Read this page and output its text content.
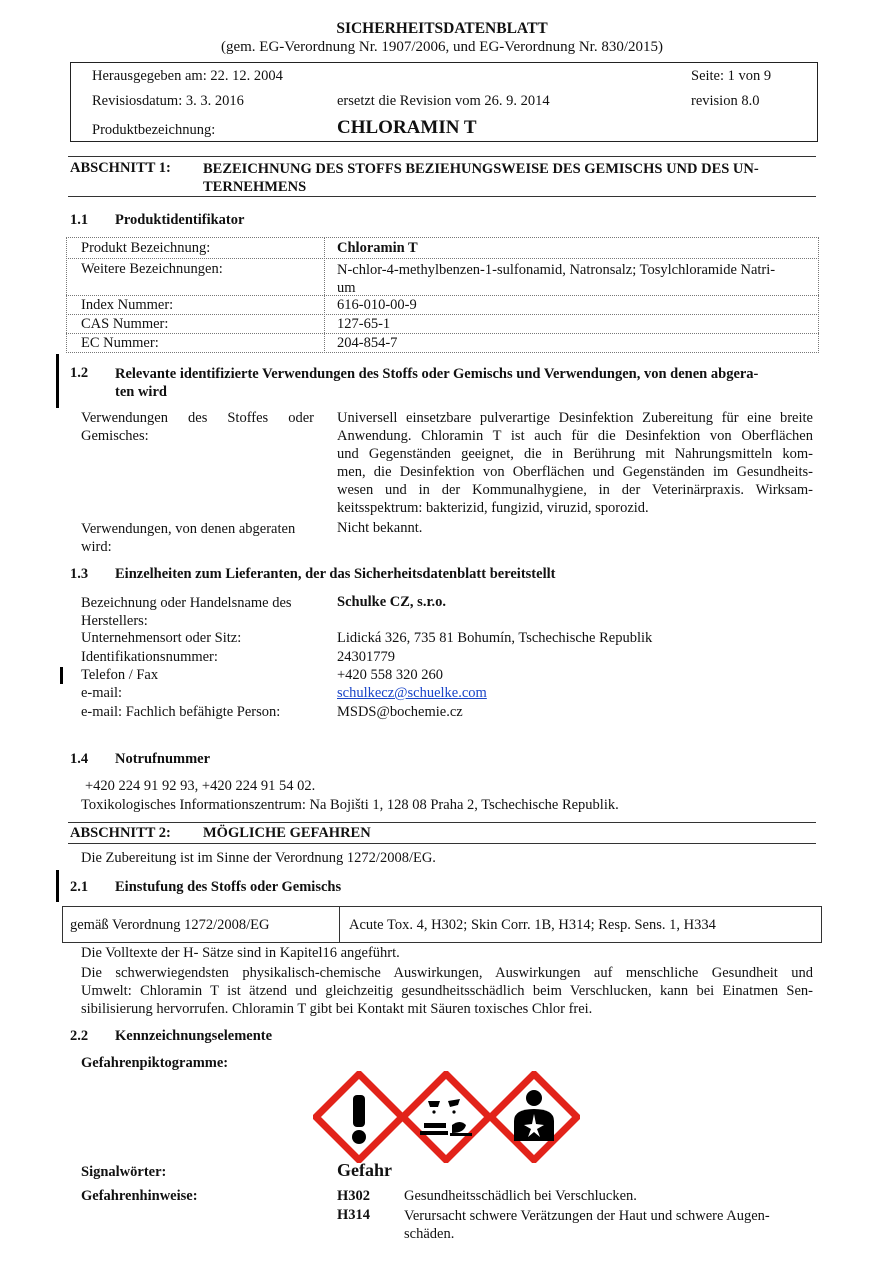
SICHERHEITSDATENBLATT
(gem. EG-Verordnung Nr. 1907/2006, und EG-Verordnung Nr. 830/2015)
Herausgegeben am: 22. 12. 2004	Seite: 1 von 9
Revisiosdatum: 3. 3. 2016	ersetzt die Revision vom 26. 9. 2014	revision 8.0
Produktbezeichnung:	CHLORAMIN T
ABSCHNITT 1: BEZEICHNUNG DES STOFFS BEZIEHUNGSWEISE DES GEMISCHS UND DES UN-
TERNEHMENS
1.1 Produktidentifikator
Produkt Bezeichnung:	Chloramin T
Weitere Bezeichnungen:	N-chlor-4-methylbenzen-1-sulfonamid, Natronsalz; Tosylchloramide Natri-
um
Index Nummer:	616-010-00-9
CAS Nummer:	127-65-1
EC Nummer:	204-854-7
1.2 Relevante identifizierte Verwendungen des Stoffs oder Gemischs und Verwendungen, von denen abgera-
ten wird
Verwendungen des Stoffes oder
Gemisches:
Universell einsetzbare pulverartige Desinfektion Zubereitung für eine breite
Anwendung. Chloramin T ist auch für die Desinfektion von Oberflächen
und Gegenständen geeignet, die in Berührung mit Nahrungsmitteln kom-
men, die Desinfektion von Oberflächen und Gegenständen im Gesundheits-
wesen und in der Kommunalhygiene, in der Veterinärpraxis. Wirksam-
keitsspektrum: bakterizid, fungizid, viruzid, sporozid.
Verwendungen, von denen abgeraten
wird:
Nicht bekannt.
1.3 Einzelheiten zum Lieferanten, der das Sicherheitsdatenblatt bereitstellt
Bezeichnung oder Handelsname des
Herstellers:
Schulke CZ, s.r.o.
Unternehmensort oder Sitz:	Lidická 326, 735 81 Bohumín, Tschechische Republik
Identifikationsnummer:	24301779
Telefon / Fax	+420 558 320 260
e-mail:	schulkecz@schuelke.com
e-mail: Fachlich befähigte Person:	MSDS@bochemie.cz
1.4 Notrufnummer
+420 224 91 92 93, +420 224 91 54 02.
Toxikologisches Informationszentrum: Na Bojišti 1, 128 08 Praha 2, Tschechische Republik.
ABSCHNITT 2: MÖGLICHE GEFAHREN
Die Zubereitung ist im Sinne der Verordnung 1272/2008/EG.
2.1 Einstufung des Stoffs oder Gemischs
gemäß Verordnung 1272/2008/EG	Acute Tox. 4, H302; Skin Corr. 1B, H314; Resp. Sens. 1, H334
Die Volltexte der H- Sätze sind in Kapitel16 angeführt.
Die schwerwiegendsten physikalisch-chemische Auswirkungen, Auswirkungen auf menschliche Gesundheit und
Umwelt: Chloramin T ist ätzend und gleichzeitig gesundheitsschädlich beim Verschlucken, kann bei Einatmen Sen-
sibilisierung hervorrufen. Chloramin T gibt bei Kontakt mit Säuren toxisches Chlor frei.
2.2 Kennzeichnungselemente
Gefahrenpiktogramme:
Signalwörter:	Gefahr
Gefahrenhinweise:	H302 Gesundheitsschädlich bei Verschlucken.
H314 Verursacht schwere Verätzungen der Haut und schwere Augen-
schäden.
